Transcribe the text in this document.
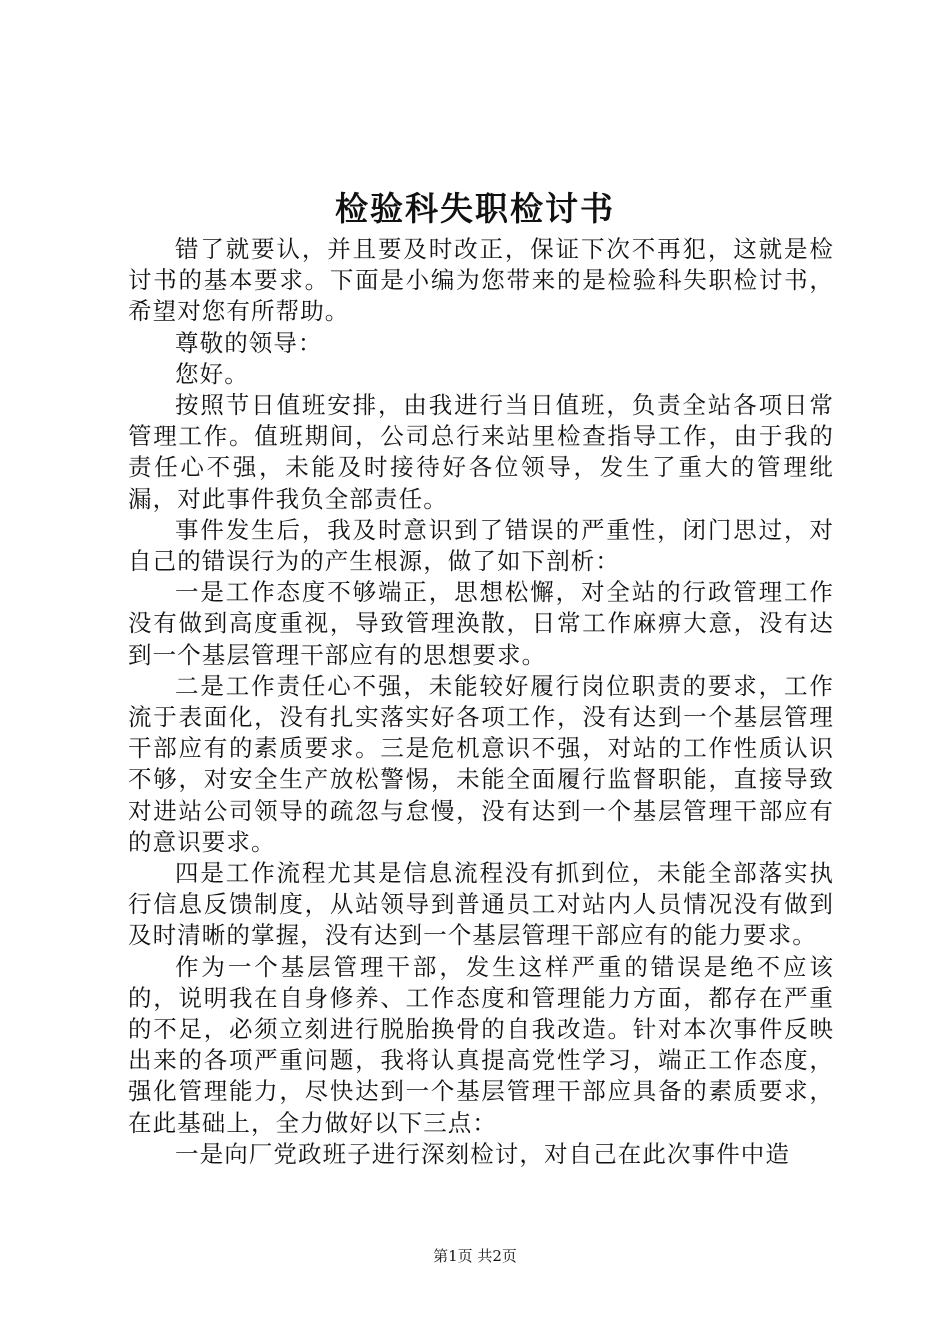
检验科失职检讨书

错了就要认，并且要及时改正，保证下次不再犯，这就是检讨书的基本要求。下面是小编为您带来的是检验科失职检讨书，希望对您有所帮助。

尊敬的领导：

您好。

按照节日值班安排，由我进行当日值班，负责全站各项日常管理工作。值班期间，公司总行来站里检查指导工作，由于我的责任心不强，未能及时接待好各位领导，发生了重大的管理纰漏，对此事件我负全部责任。

事件发生后，我及时意识到了错误的严重性，闭门思过，对自己的错误行为的产生根源，做了如下剖析：

一是工作态度不够端正，思想松懈，对全站的行政管理工作没有做到高度重视，导致管理涣散，日常工作麻痹大意，没有达到一个基层管理干部应有的思想要求。

二是工作责任心不强，未能较好履行岗位职责的要求，工作流于表面化，没有扎实落实好各项工作，没有达到一个基层管理干部应有的素质要求。三是危机意识不强，对站的工作性质认识不够，对安全生产放松警惕，未能全面履行监督职能，直接导致对进站公司领导的疏忽与怠慢，没有达到一个基层管理干部应有的意识要求。

四是工作流程尤其是信息流程没有抓到位，未能全部落实执行信息反馈制度，从站领导到普通员工对站内人员情况没有做到及时清晰的掌握，没有达到一个基层管理干部应有的能力要求。

作为一个基层管理干部，发生这样严重的错误是绝不应该的，说明我在自身修养、工作态度和管理能力方面，都存在严重的不足，必须立刻进行脱胎换骨的自我改造。针对本次事件反映出来的各项严重问题，我将认真提高党性学习，端正工作态度，强化管理能力，尽快达到一个基层管理干部应具备的素质要求，在此基础上，全力做好以下三点：

一是向厂党政班子进行深刻检讨，对自己在此次事件中造

第1页 共2页
